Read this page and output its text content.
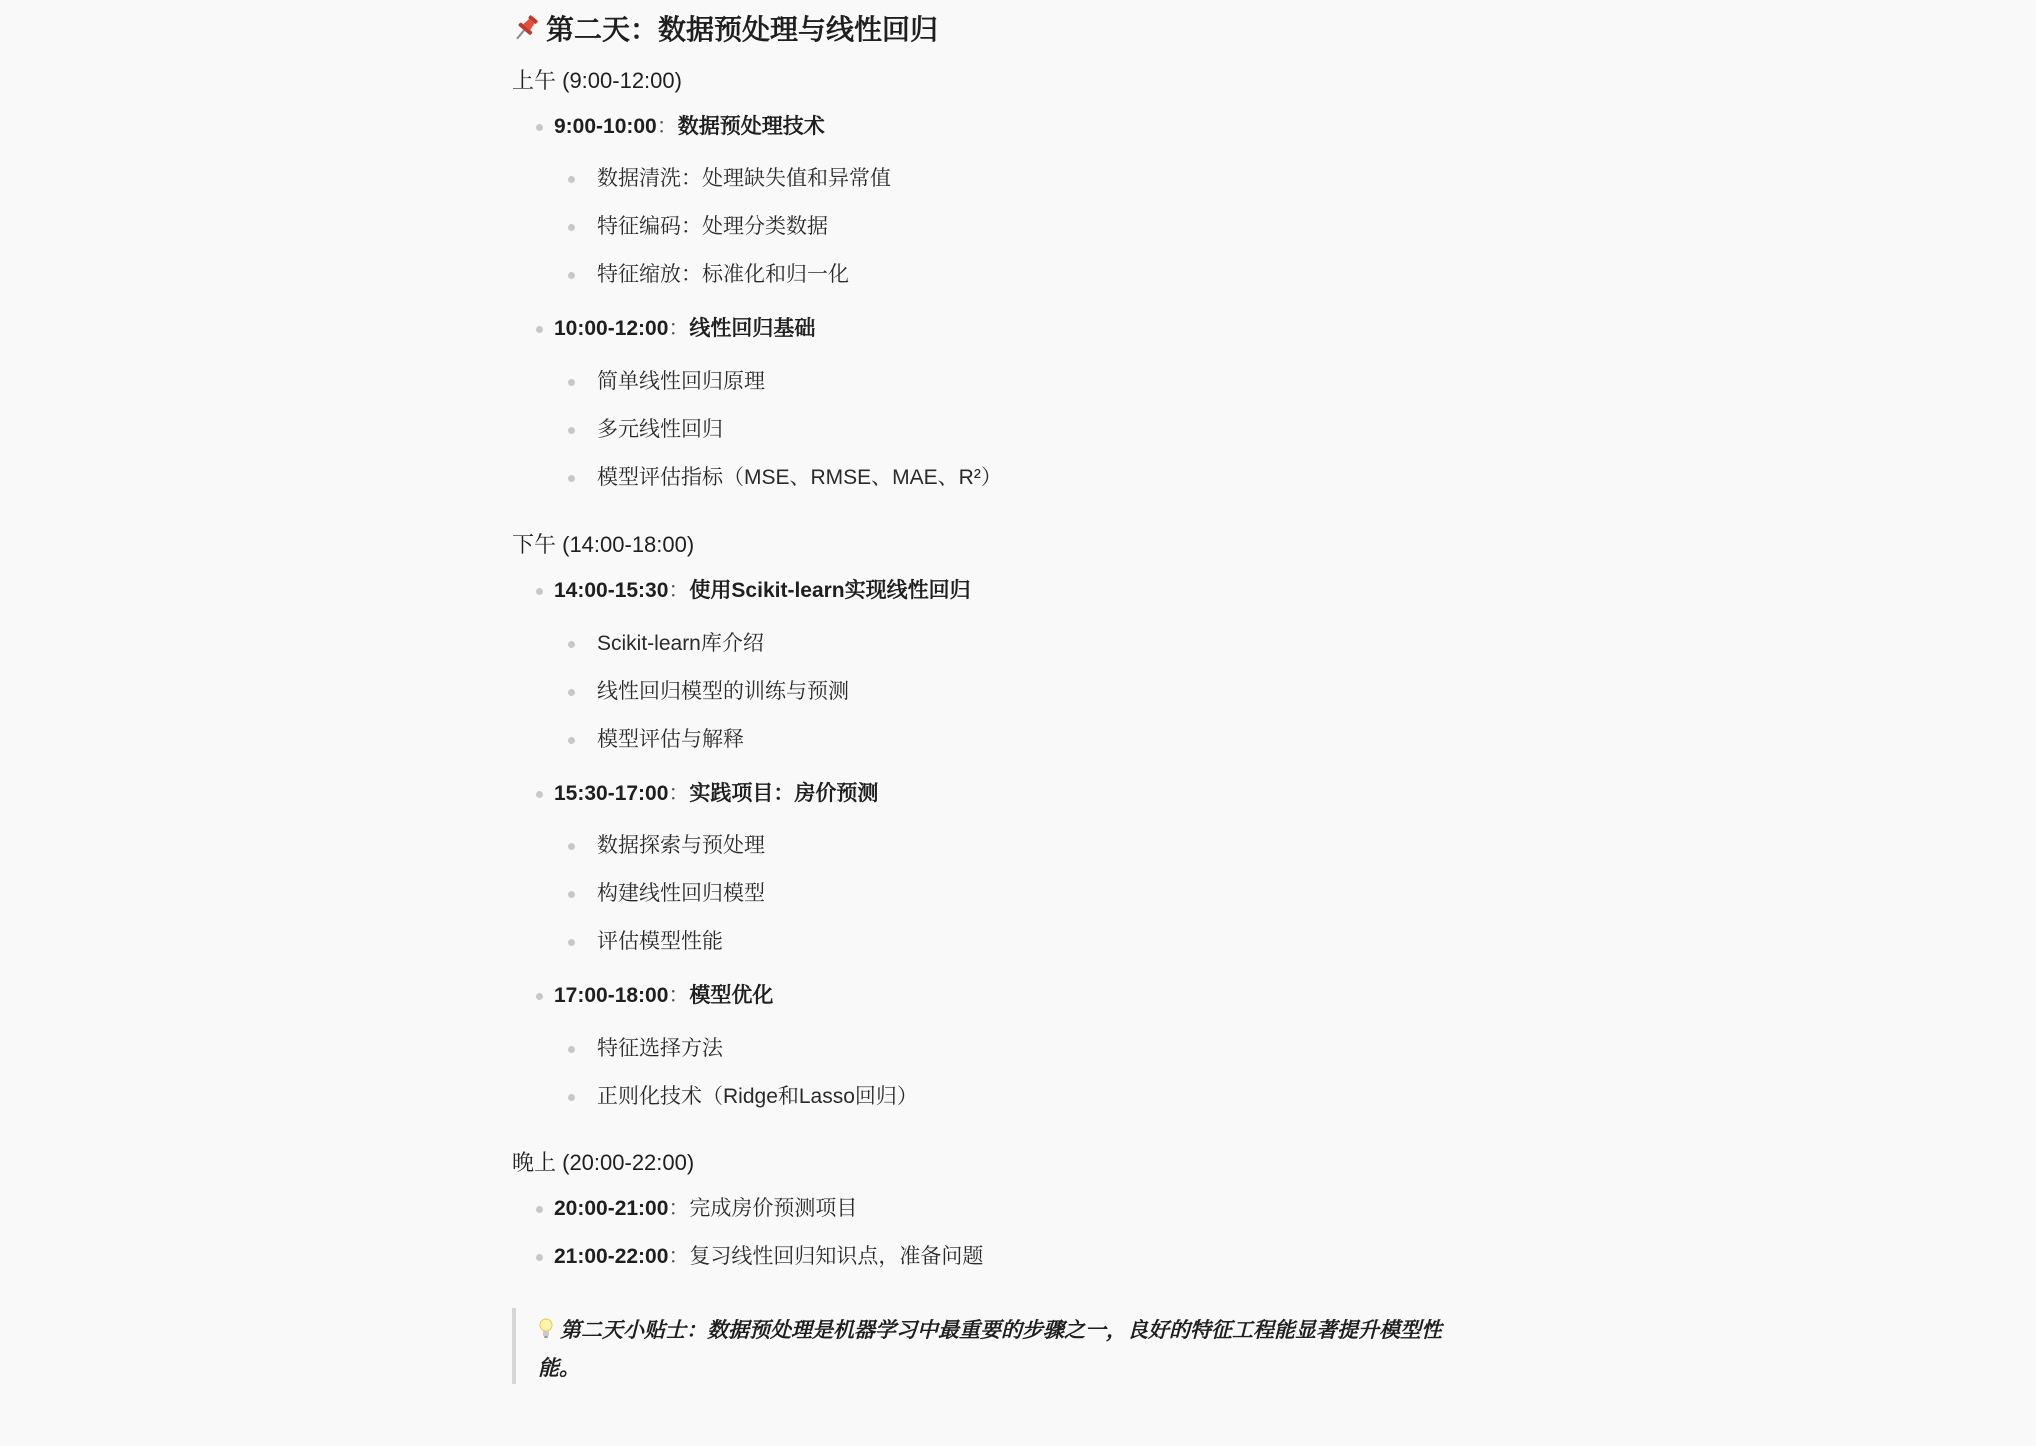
第二天：数据预处理与线性回归
上午 (9:00-12:00)
9:00-10:00：数据预处理技术
数据清洗：处理缺失值和异常值
特征编码：处理分类数据
特征缩放：标准化和归一化
10:00-12:00：线性回归基础
简单线性回归原理
多元线性回归
模型评估指标（MSE、RMSE、MAE、R²）
下午 (14:00-18:00)
14:00-15:30：使用Scikit-learn实现线性回归
Scikit-learn库介绍
线性回归模型的训练与预测
模型评估与解释
15:30-17:00：实践项目：房价预测
数据探索与预处理
构建线性回归模型
评估模型性能
17:00-18:00：模型优化
特征选择方法
正则化技术（Ridge和Lasso回归）
晚上 (20:00-22:00)
20:00-21:00：完成房价预测项目
21:00-22:00：复习线性回归知识点，准备问题
第二天小贴士：数据预处理是机器学习中最重要的步骤之一，良好的特征工程能显著提升模型性能。
